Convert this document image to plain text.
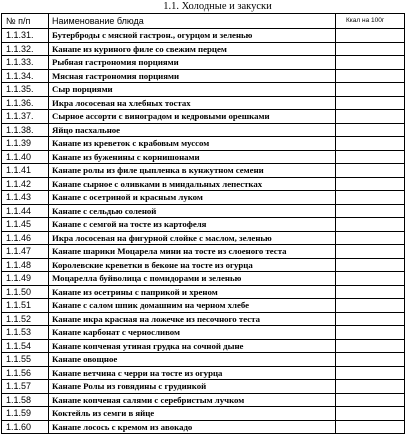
1.1. Холодные и закуски
№ п/п	Наименование блюда	Ккал на 100г
1.1.31.	Бутерброды с мясной гастрон., огурцом и зеленью	
1.1.32.	Канапе из куриного филе со свежим перцем	
1.1.33.	Рыбная гастрономия порциями	
1.1.34.	Мясная гастрономия порциями	
1.1.35.	Сыр порциями	
1.1.36.	Икра лососевая на хлебных тостах	
1.1.37.	Сырное ассорти с виноградом и кедровыми орешками	
1.1.38.	Яйцо пасхальное	
1.1.39	Канапе из креветок с крабовым муссом	
1.1.40	Канапе из буженины с корнишонами	
1.1.41	Канапе ролы из филе цыпленка в кунжутном семени	
1.1.42	Канапе сырное с оливками в миндальных лепестках	
1.1.43	Канапе с осетриной и красным луком	
1.1.44	Канапе с сельдью соленой	
1.1.45	Канапе с семгой на тосте из картофеля	
1.1.46	Икра лососевая на фигурной слойке с маслом, зеленью	
1.1.47	Канапе шарики Моцарела мини на тосте из слоеного теста	
1.1.48	Королевские креветки в беконе на тосте из огурца	
1.1.49	Моцарелла буйволица с помидорами и зеленью	
1.1.50	Канапе из осетрины с паприкой и хреном	
1.1.51	Канапе с салом шпик домашним на черном хлебе	
1.1.52	Канапе икра красная на ложечке из песочного теста	
1.1.53	Канапе карбонат с черносливом	
1.1.54	Канапе копченая утиная грудка на сочной дыне	
1.1.55	Канапе овощное	
1.1.56	Канапе ветчина с черри на тосте из огурца	
1.1.57	Канапе Ролы из говядины с грудинкой	
1.1.58	Канапе копченая салями с серебристым лучком	
1.1.59	Коктейль из семги в яйце	
1.1.60	Канапе лосось с кремом из авокадо	
